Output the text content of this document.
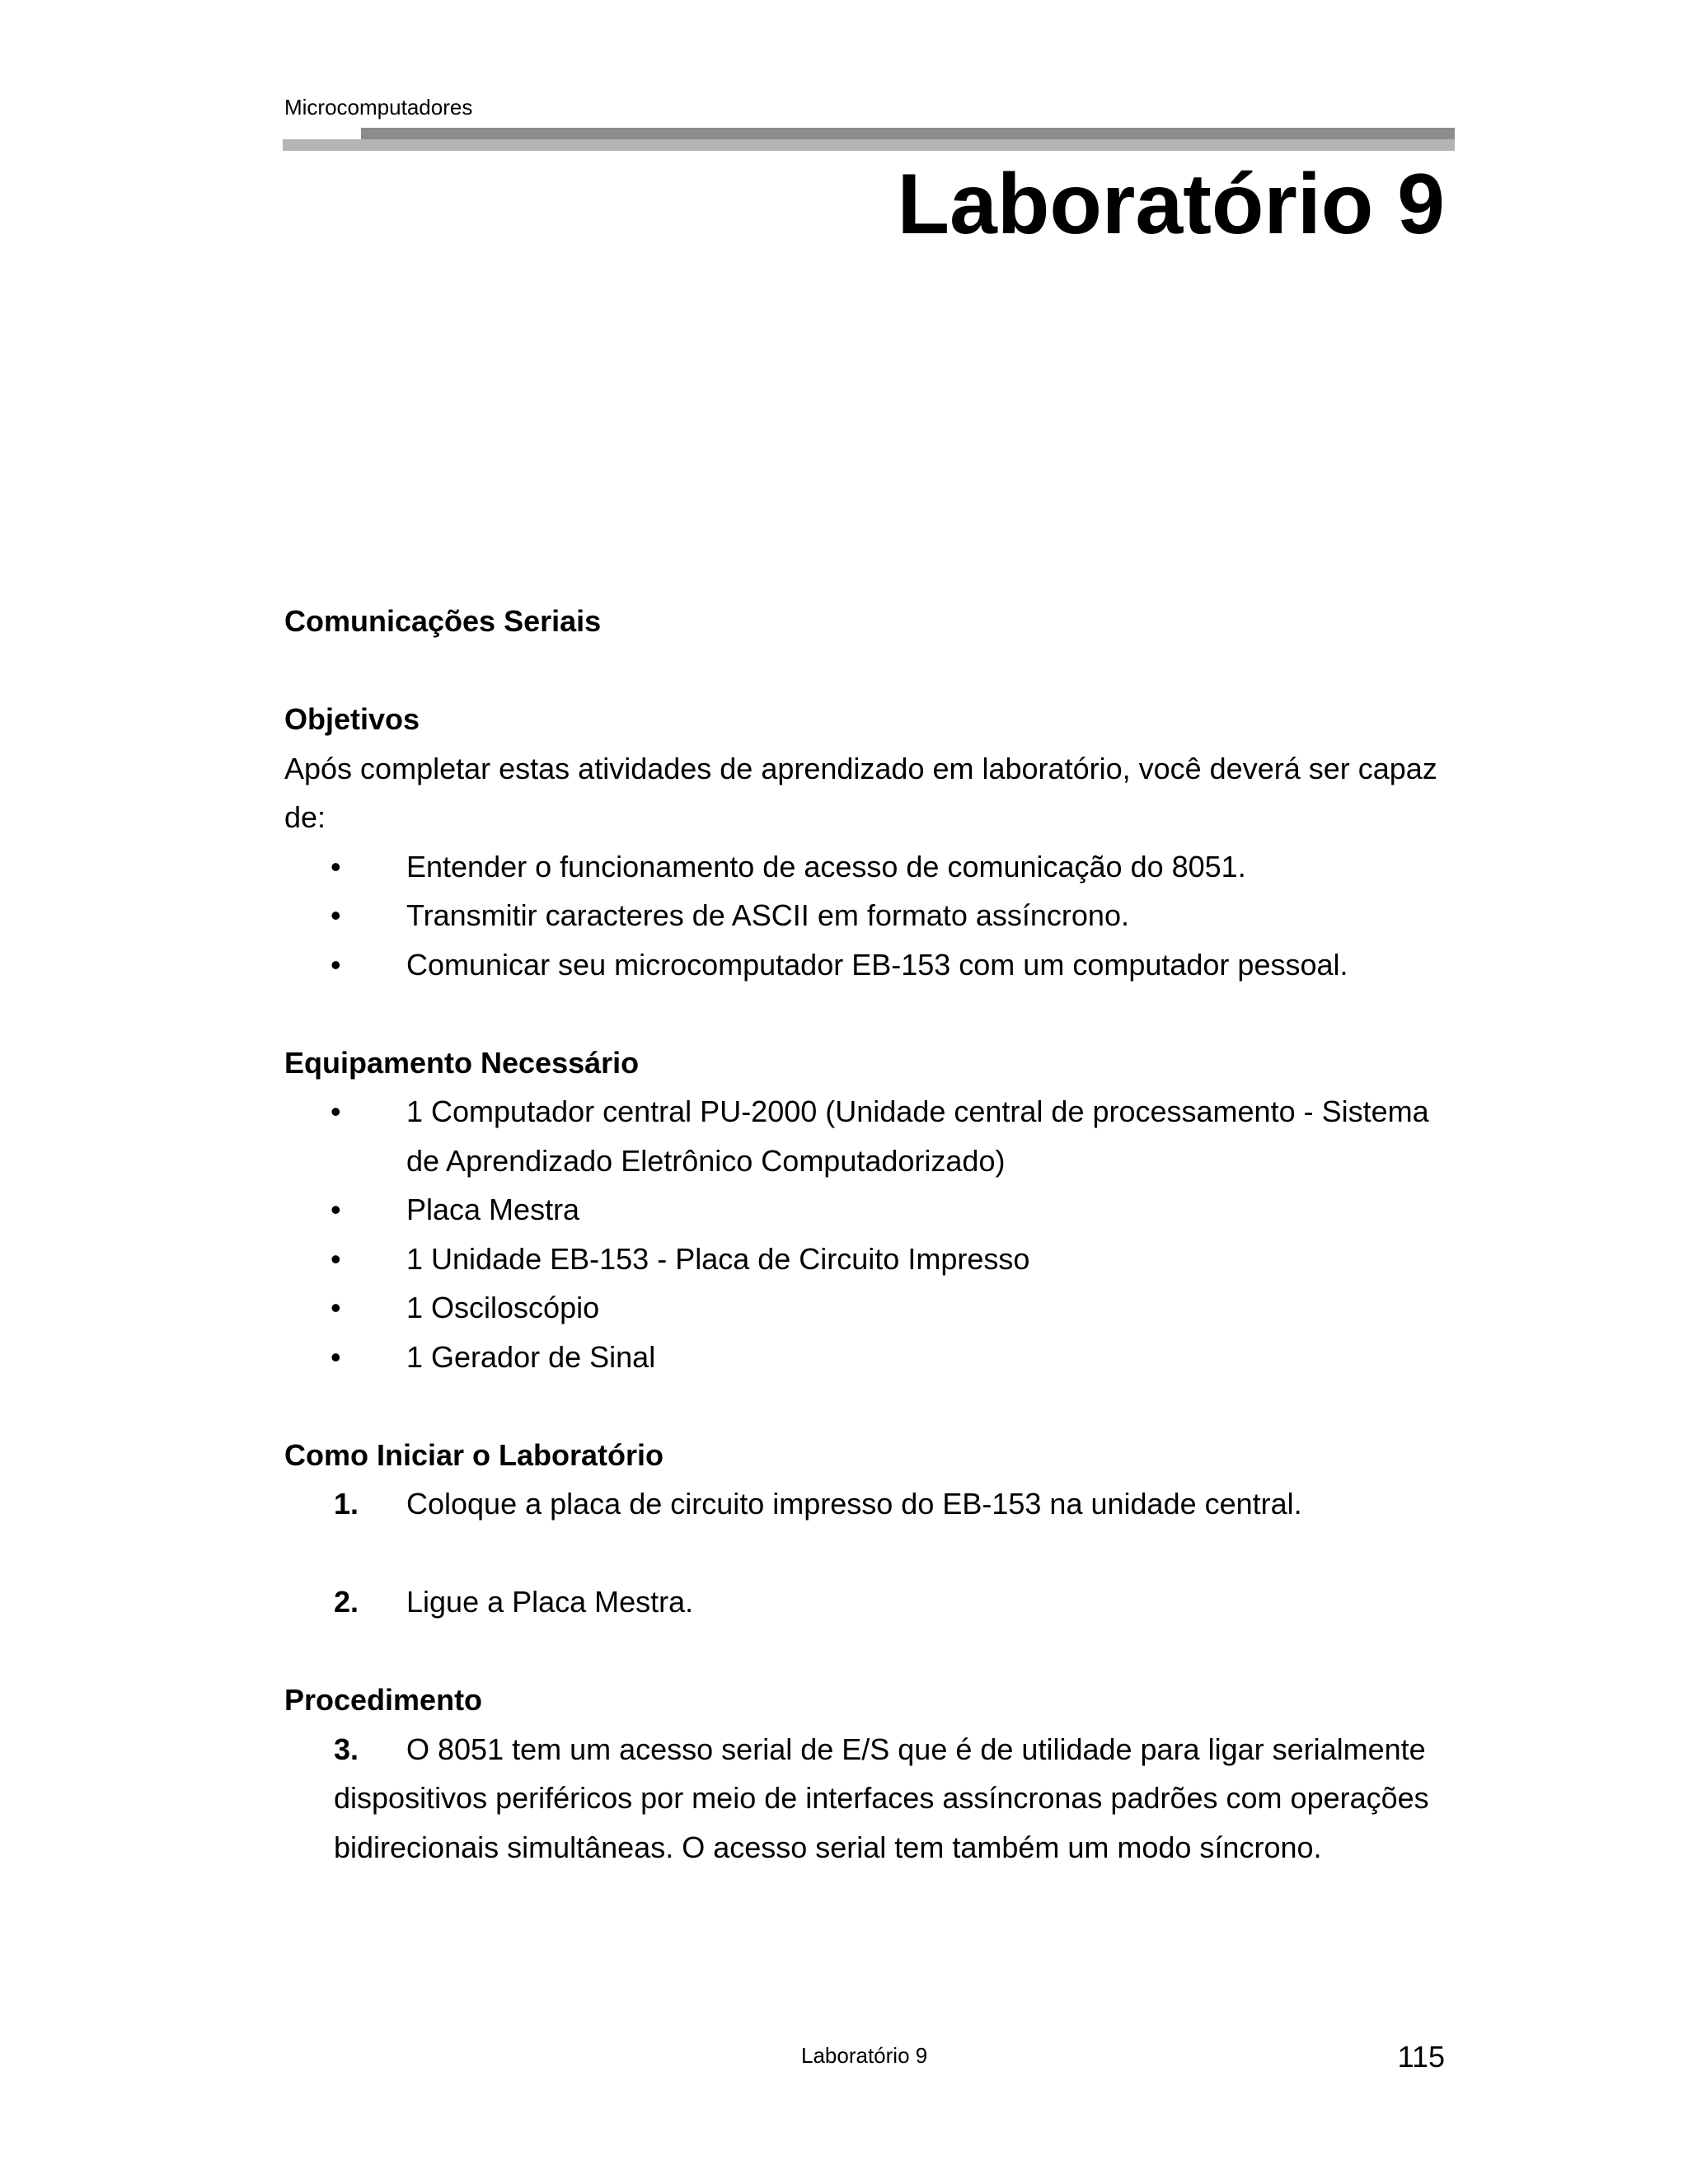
Microcomputadores
Laboratório 9
Comunicações Seriais
Objetivos
Após completar estas atividades de aprendizado em laboratório, você deverá ser capaz de:
•	Entender o funcionamento de acesso de comunicação do 8051.
•	Transmitir caracteres de ASCII em formato assíncrono.
•	Comunicar seu microcomputador EB-153 com um computador pessoal.
Equipamento Necessário
•	1 Computador central PU-2000 (Unidade central de processamento - Sistema de Aprendizado Eletrônico Computadorizado)
•	Placa Mestra
•	1 Unidade EB-153 - Placa de Circuito Impresso
•	1 Osciloscópio
•	1 Gerador de Sinal
Como Iniciar o Laboratório
1. Coloque a placa de circuito impresso do EB-153 na unidade central.
2. Ligue a Placa Mestra.
Procedimento
3. O 8051 tem um acesso serial de E/S que é de utilidade para ligar serialmente dispositivos periféricos por meio de interfaces assíncronas padrões com operações bidirecionais simultâneas. O acesso serial tem também um modo síncrono.
Laboratório 9	115
